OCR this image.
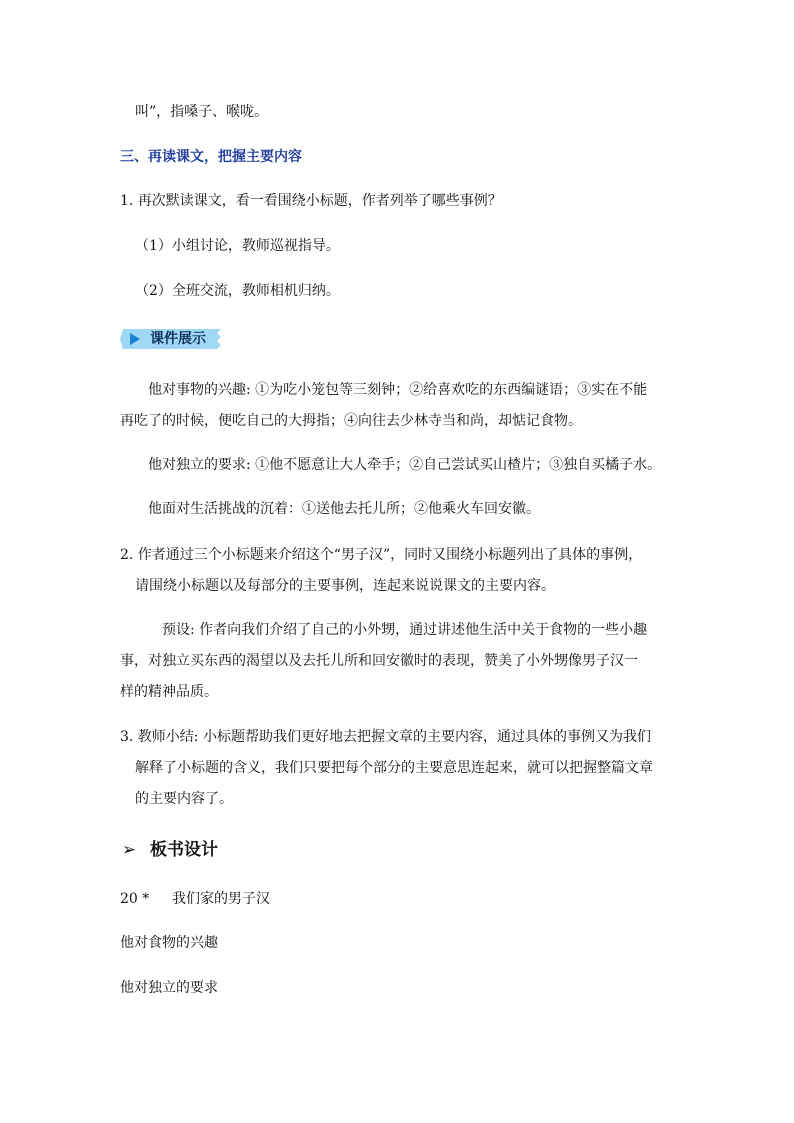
叫”，指嗓子、喉咙。
三、再读课文，把握主要内容
1. 再次默读课文，看一看围绕小标题，作者列举了哪些事例？
（1）小组讨论，教师巡视指导。
（2）全班交流，教师相机归纳。
课件展示
他对事物的兴趣: ①为吃小笼包等三刻钟；②给喜欢吃的东西编谜语；③实在不能
再吃了的时候，便吃自己的大拇指；④向往去少林寺当和尚，却惦记食物。
他对独立的要求: ①他不愿意让大人牵手；②自己尝试买山楂片；③独自买橘子水。
他面对生活挑战的沉着：①送他去托儿所；②他乘火车回安徽。
2. 作者通过三个小标题来介绍这个“男子汉”，同时又围绕小标题列出了具体的事例，
请围绕小标题以及每部分的主要事例，连起来说说课文的主要内容。
预设: 作者向我们介绍了自己的小外甥，通过讲述他生活中关于食物的一些小趣
事，对独立买东西的渴望以及去托儿所和回安徽时的表现，赞美了小外甥像男子汉一
样的精神品质。
3. 教师小结: 小标题帮助我们更好地去把握文章的主要内容，通过具体的事例又为我们
解释了小标题的含义，我们只要把每个部分的主要意思连起来，就可以把握整篇文章
的主要内容了。
➢ 板书设计
20 * 我们家的男子汉
他对食物的兴趣
他对独立的要求
